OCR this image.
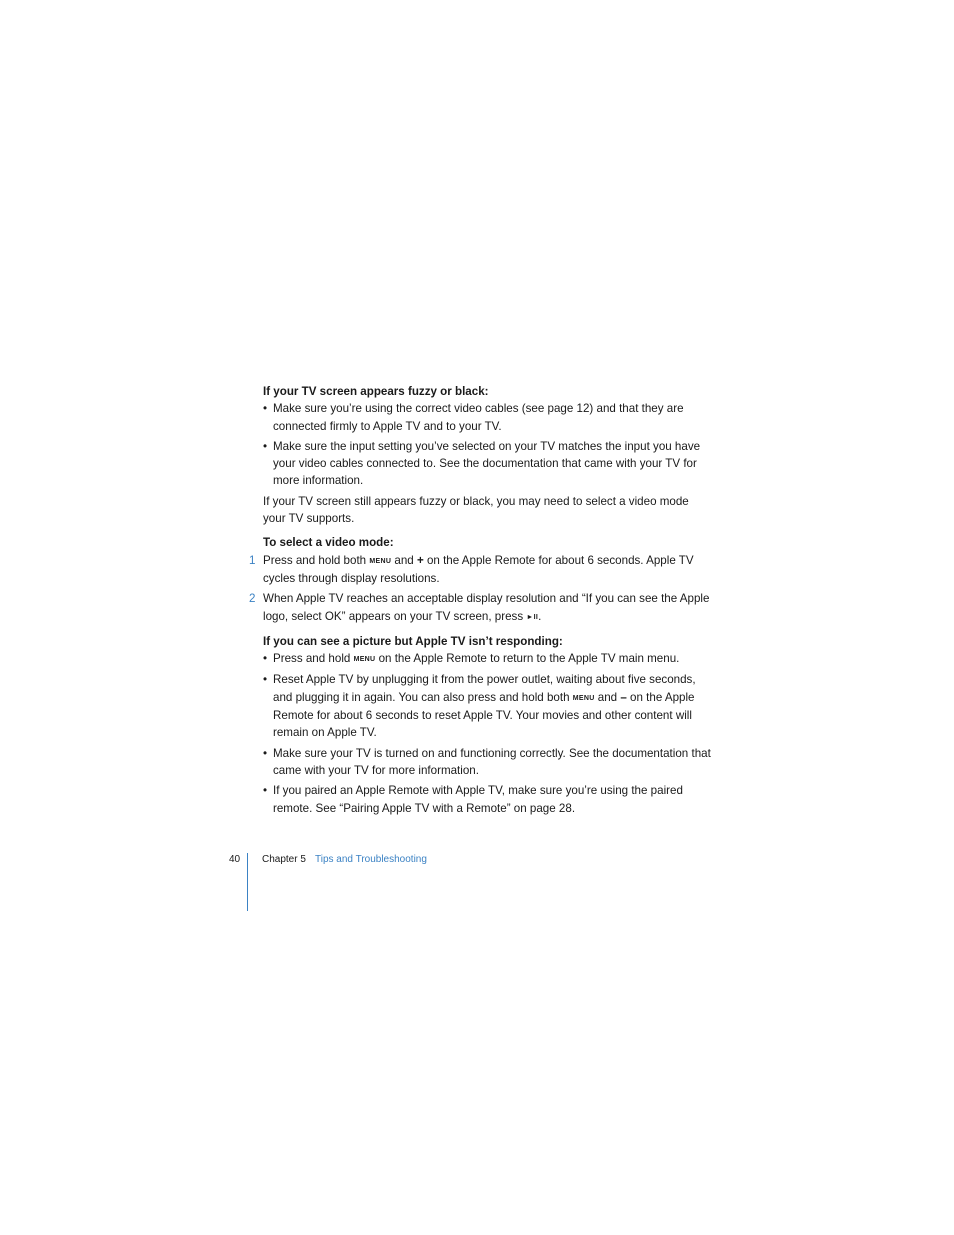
If your TV screen appears fuzzy or black:
• Make sure you’re using the correct video cables (see page 12) and that they are connected firmly to Apple TV and to your TV.
• Make sure the input setting you’ve selected on your TV matches the input you have your video cables connected to. See the documentation that came with your TV for more information.

If your TV screen still appears fuzzy or black, you may need to select a video mode your TV supports.

To select a video mode:
1 Press and hold both MENU and + on the Apple Remote for about 6 seconds. Apple TV cycles through display resolutions.
2 When Apple TV reaches an acceptable display resolution and “If you can see the Apple logo, select OK” appears on your TV screen, press ►II.
If you can see a picture but Apple TV isn’t responding:
• Press and hold MENU on the Apple Remote to return to the Apple TV main menu.
• Reset Apple TV by unplugging it from the power outlet, waiting about five seconds, and plugging it in again. You can also press and hold both MENU and – on the Apple Remote for about 6 seconds to reset Apple TV. Your movies and other content will remain on Apple TV.
• Make sure your TV is turned on and functioning correctly. See the documentation that came with your TV for more information.
• If you paired an Apple Remote with Apple TV, make sure you’re using the paired remote. See “Pairing Apple TV with a Remote” on page 28.
40 Chapter 5 Tips and Troubleshooting
